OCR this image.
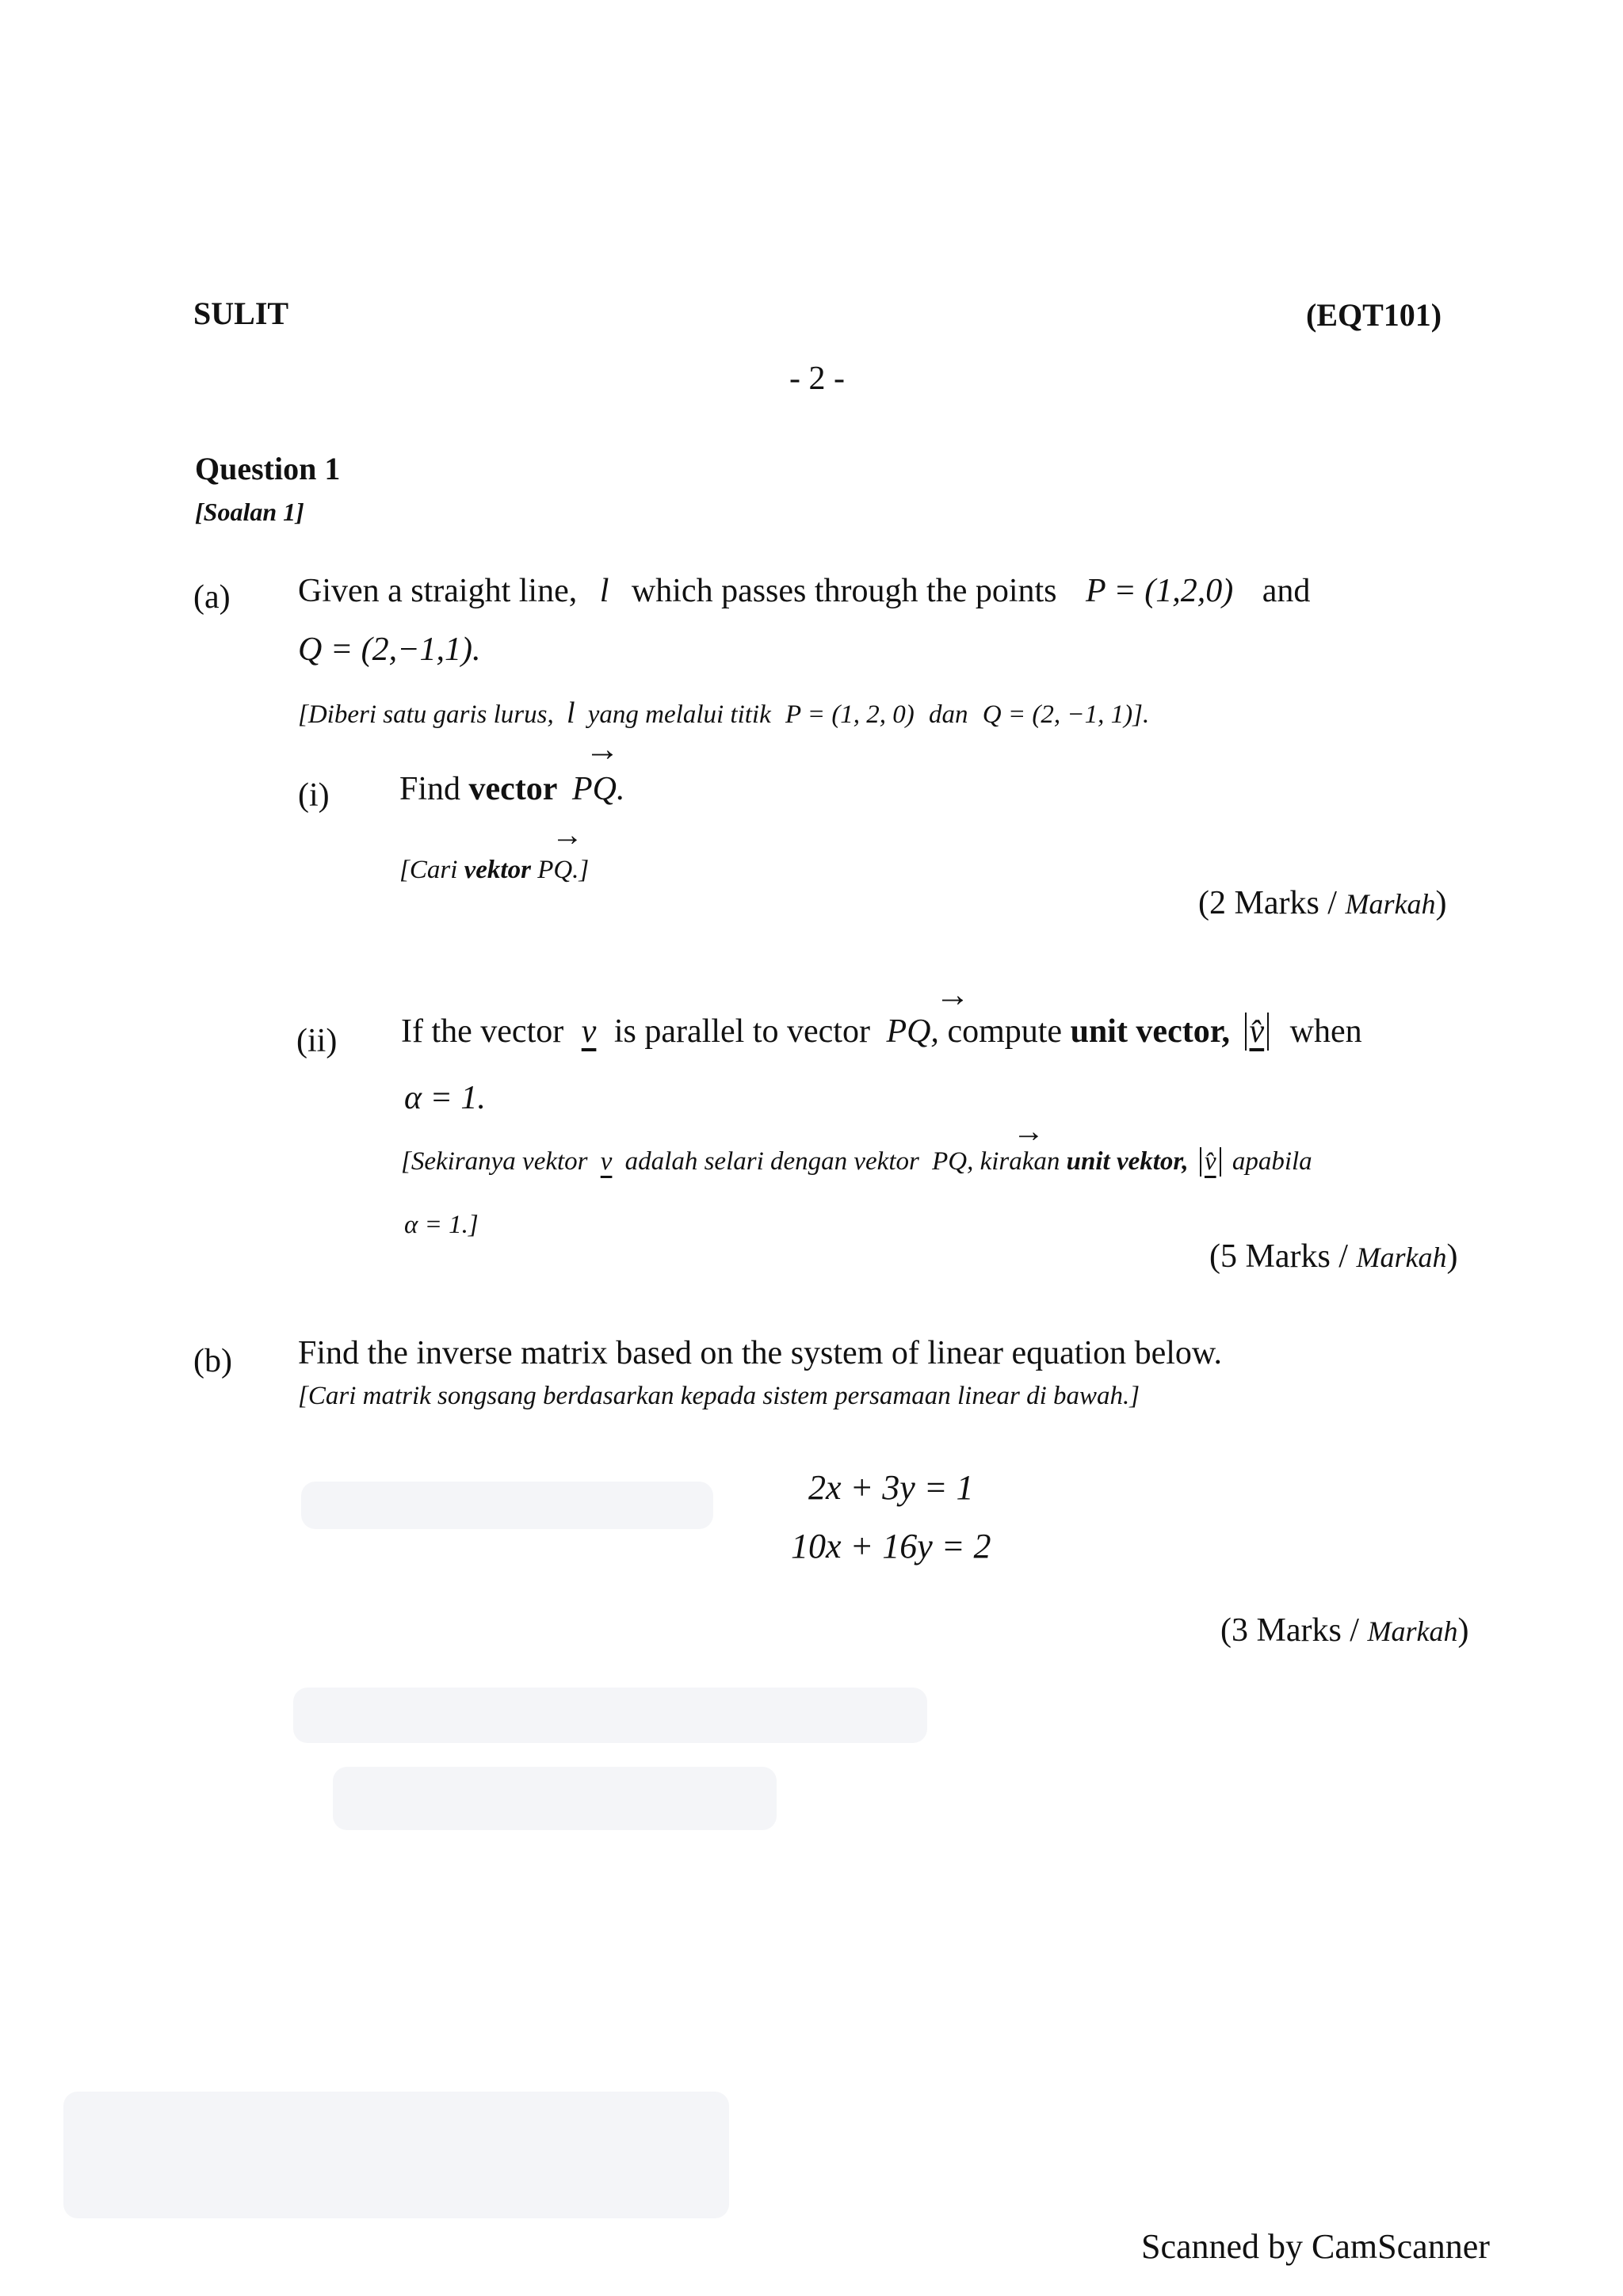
SULIT	(EQT101)
- 2 -
Question 1
[Soalan 1]
(a) Given a straight line, l which passes through the points P = (1,2,0) and
Q = (2,−1,1).
[Diberi satu garis lurus, l yang melalui titik P = (1, 2, 0) dan Q = (2, −1, 1)].
(i)
→
Find vector PQ.
→
[Cari vektor PQ.]
(2 Marks / Markah)
(ii)
→
If the vector v is parallel to vector PQ, compute unit vector, v̂ when
α = 1.
→
[Sekiranya vektor v adalah selari dengan vektor PQ, kirakan unit vektor, v̂ apabila
α = 1.]
(5 Marks / Markah)
(b) Find the inverse matrix based on the system of linear equation below.
[Cari matrik songsang berdasarkan kepada sistem persamaan linear di bawah.]
2x + 3y = 1
10x + 16y = 2
(3 Marks / Markah)
Scanned by CamScanner
